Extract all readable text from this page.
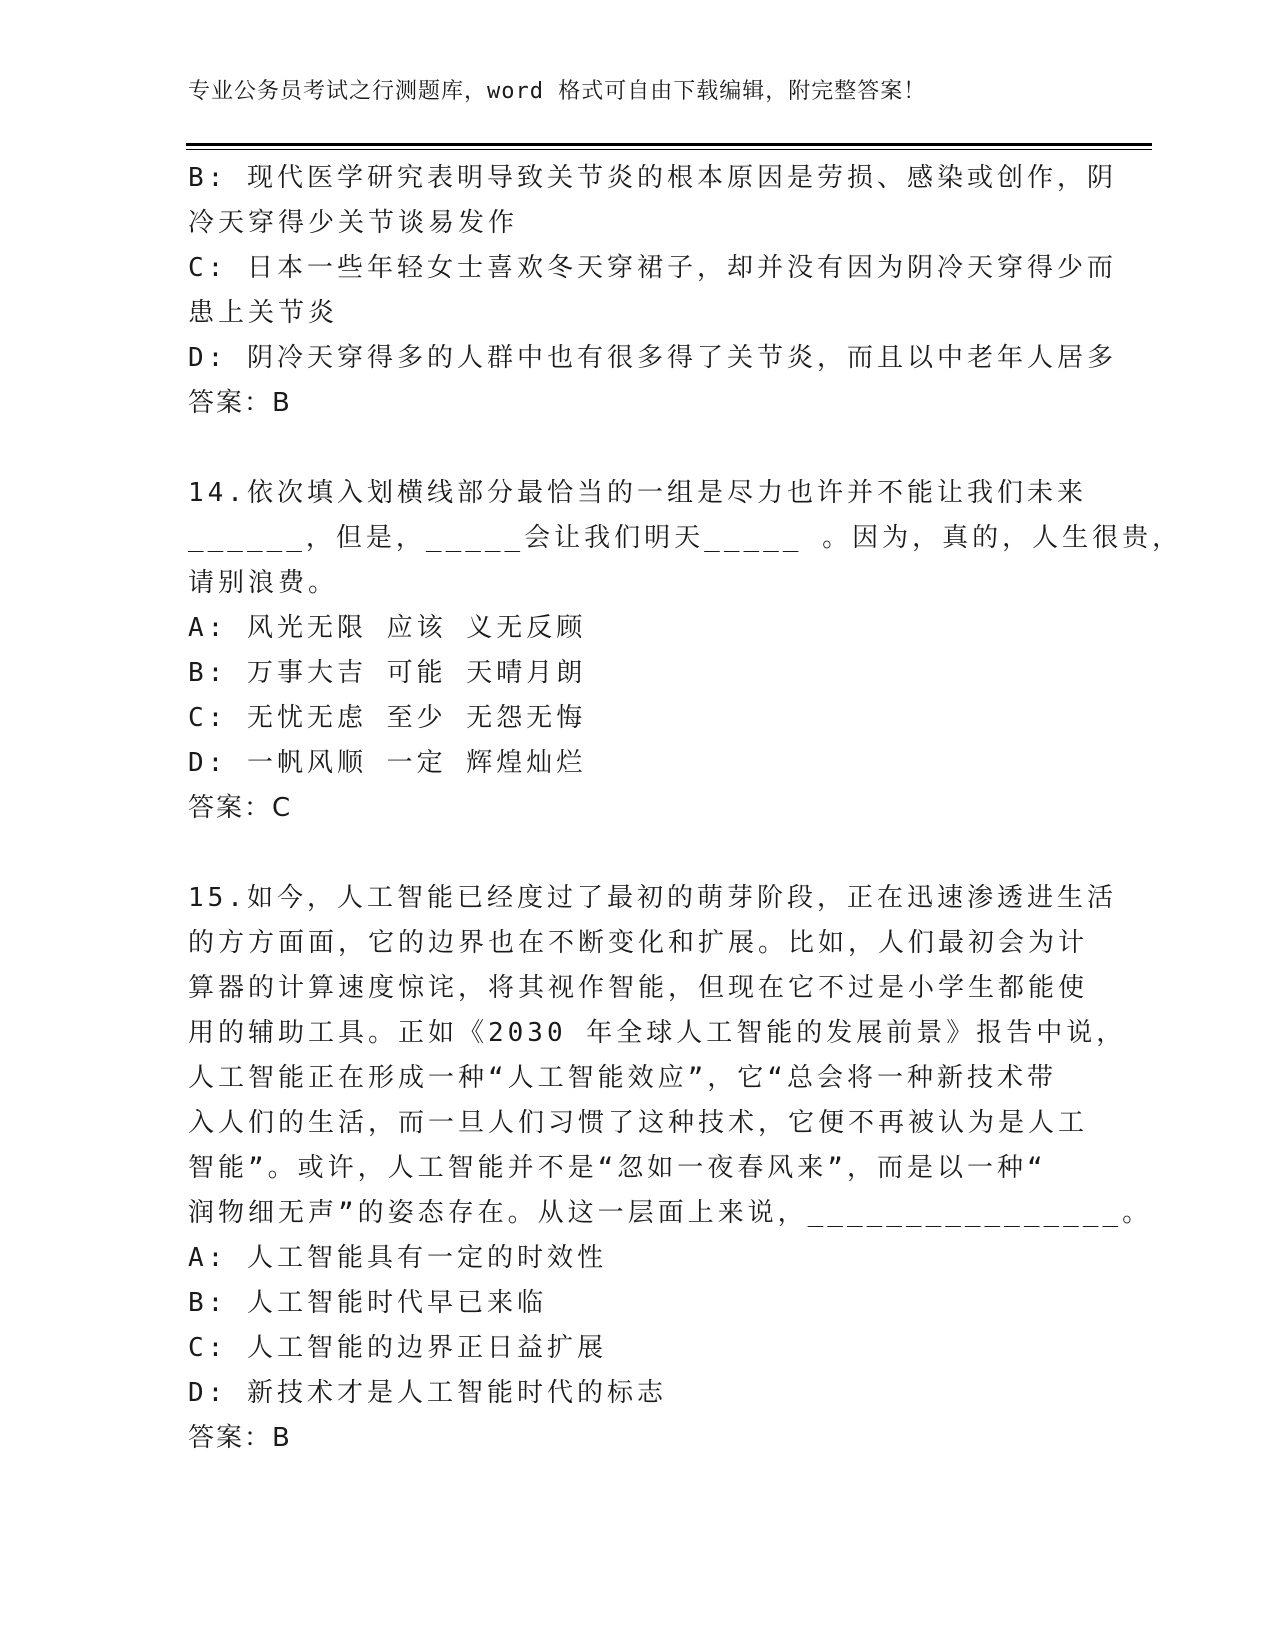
专业公务员考试之行测题库，word 格式可自由下载编辑，附完整答案！
B: 现代医学研究表明导致关节炎的根本原因是劳损、感染或创作，阴
冷天穿得少关节谈易发作
C: 日本一些年轻女士喜欢冬天穿裙子，却并没有因为阴冷天穿得少而
患上关节炎
D: 阴冷天穿得多的人群中也有很多得了关节炎，而且以中老年人居多
答案：B
14.依次填入划横线部分最恰当的一组是尽力也许并不能让我们未来
______，但是，_____会让我们明天_____ 。因为，真的，人生很贵，
请别浪费。
A: 风光无限 应该 义无反顾
B: 万事大吉 可能 天晴月朗
C: 无忧无虑 至少 无怨无悔
D: 一帆风顺 一定 辉煌灿烂
答案：C
15.如今，人工智能已经度过了最初的萌芽阶段，正在迅速渗透进生活
的方方面面，它的边界也在不断变化和扩展。比如，人们最初会为计
算器的计算速度惊诧，将其视作智能，但现在它不过是小学生都能使
用的辅助工具。正如《2030 年全球人工智能的发展前景》报告中说，
人工智能正在形成一种“人工智能效应”，它“总会将一种新技术带
入人们的生活，而一旦人们习惯了这种技术，它便不再被认为是人工
智能”。或许，人工智能并不是“忽如一夜春风来”，而是以一种“
润物细无声”的姿态存在。从这一层面上来说，________________。
A: 人工智能具有一定的时效性
B: 人工智能时代早已来临
C: 人工智能的边界正日益扩展
D: 新技术才是人工智能时代的标志
答案：B
